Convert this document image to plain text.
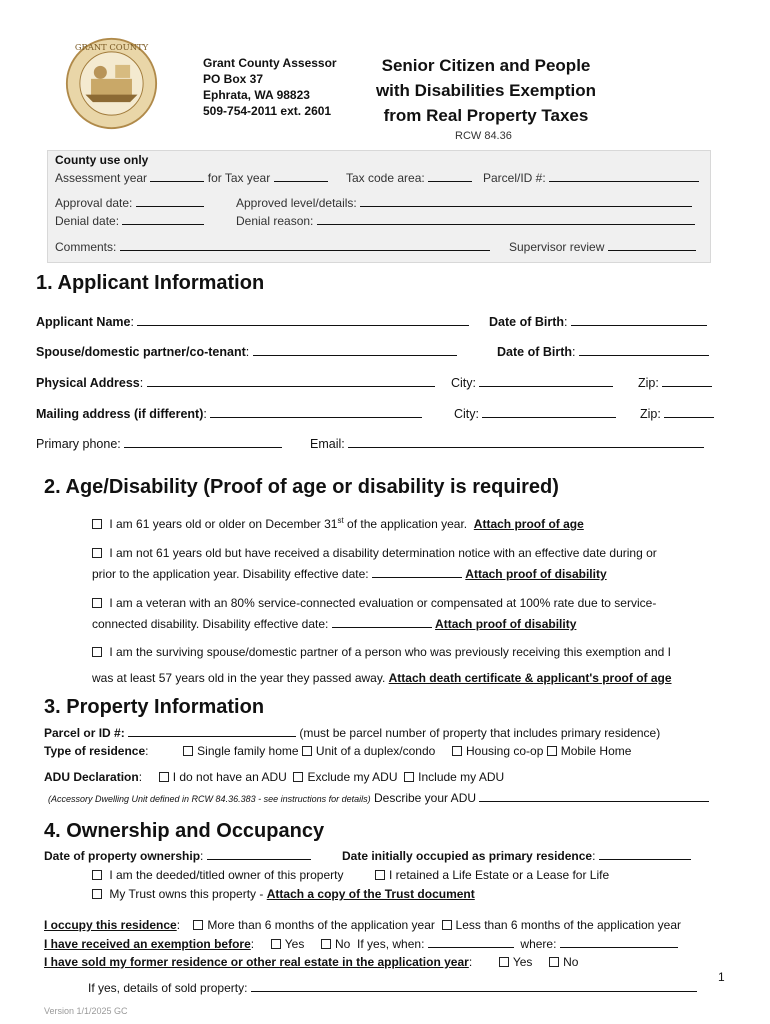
GRANT COUNTY
Grant County Assessor
PO Box 37
Ephrata, WA 98823
509-754-2011 ext. 2601
Senior Citizen and People
with Disabilities Exemption
from Real Property Taxes
RCW 84.36
County use only
Assessment year	for Tax year	Tax code area:	Parcel/ID #:
Approval date:	Approved level/details:
Denial date:	Denial reason:
Comments:	Supervisor review
1. Applicant Information
Applicant Name:	Date of Birth:
Spouse/domestic partner/co-tenant:	Date of Birth:
Physical Address:	City:	Zip:
Mailing address (if different):	City:	Zip:
Primary phone:	Email:
2. Age/Disability (Proof of age or disability is required)
I am 61 years old or older on December 31st of the application year. Attach proof of age
I am not 61 years old but have received a disability determination notice with an effective date during or
prior to the application year. Disability effective date:	Attach proof of disability
I am a veteran with an 80% service-connected evaluation or compensated at 100% rate due to service-
connected disability. Disability effective date:	Attach proof of disability
I am the surviving spouse/domestic partner of a person who was previously receiving this exemption and I
was at least 57 years old in the year they passed away. Attach death certificate & applicant's proof of age
3. Property Information
Parcel or ID #:	(must be parcel number of property that includes primary residence)
Type of residence:	Single family home Unit of a duplex/condo	Housing co-op Mobile Home
ADU Declaration:  I do not have an ADU Exclude my ADU Include my ADU
(Accessory Dwelling Unit defined in RCW 84.36.383 - see instructions for details) Describe your ADU
4. Ownership and Occupancy
Date of property ownership:	Date initially occupied as primary residence:
I am the deeded/titled owner of this property	I retained a Life Estate or a Lease for Life
My Trust owns this property - Attach a copy of the Trust document
I occupy this residence:    More than 6 months of the application year Less than 6 months of the application year
I have received an exemption before:     Yes	No If yes, when:	where:
I have sold my former residence or other real estate in the application year:        Yes	No
1
If yes, details of sold property:
Version 1/1/2025 GC
